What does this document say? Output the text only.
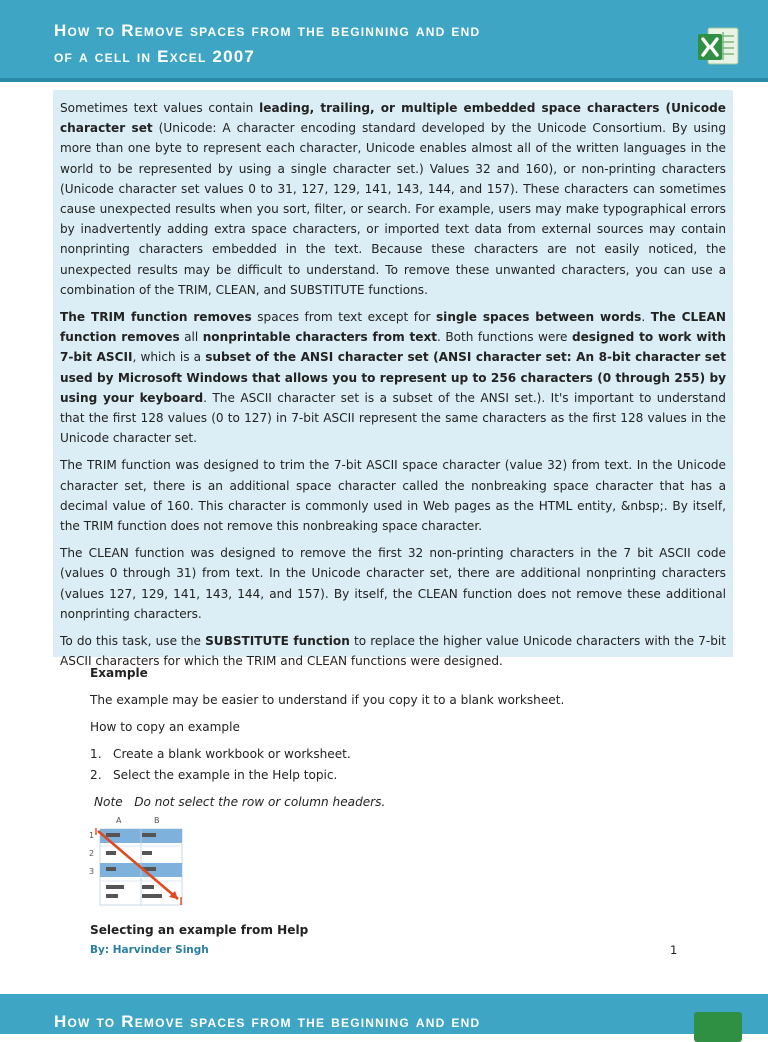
How to Remove spaces from the beginning and end
of a cell in Excel 2007

Sometimes text values contain leading, trailing, or multiple embedded space characters (Unicode character set (Unicode: A character encoding standard developed by the Unicode Consortium. By using more than one byte to represent each character, Unicode enables almost all of the written languages in the world to be represented by using a single character set.) Values 32 and 160), or non-printing characters (Unicode character set values 0 to 31, 127, 129, 141, 143, 144, and 157). These characters can sometimes cause unexpected results when you sort, filter, or search. For example, users may make typographical errors by inadvertently adding extra space characters, or imported text data from external sources may contain nonprinting characters embedded in the text. Because these characters are not easily noticed, the unexpected results may be difficult to understand. To remove these unwanted characters, you can use a combination of the TRIM, CLEAN, and SUBSTITUTE functions.

The TRIM function removes spaces from text except for single spaces between words. The CLEAN function removes all nonprintable characters from text. Both functions were designed to work with 7-bit ASCII, which is a subset of the ANSI character set (ANSI character set: An 8-bit character set used by Microsoft Windows that allows you to represent up to 256 characters (0 through 255) by using your keyboard. The ASCII character set is a subset of the ANSI set.). It's important to understand that the first 128 values (0 to 127) in 7-bit ASCII represent the same characters as the first 128 values in the Unicode character set.

The TRIM function was designed to trim the 7-bit ASCII space character (value 32) from text. In the Unicode character set, there is an additional space character called the nonbreaking space character that has a decimal value of 160. This character is commonly used in Web pages as the HTML entity, &nbsp;. By itself, the TRIM function does not remove this nonbreaking space character.

The CLEAN function was designed to remove the first 32 non-printing characters in the 7 bit ASCII code (values 0 through 31) from text. In the Unicode character set, there are additional nonprinting characters (values 127, 129, 141, 143, 144, and 157). By itself, the CLEAN function does not remove these additional nonprinting characters.

To do this task, use the SUBSTITUTE function to replace the higher value Unicode characters with the 7-bit ASCII characters for which the TRIM and CLEAN functions were designed.

Example
The example may be easier to understand if you copy it to a blank worksheet.
How to copy an example
1. Create a blank workbook or worksheet.
2. Select the example in the Help topic.
Note Do not select the row or column headers.
Selecting an example from Help
A	B
1
2
3
By: Harvinder Singh	1
How to Remove spaces from the beginning and end
